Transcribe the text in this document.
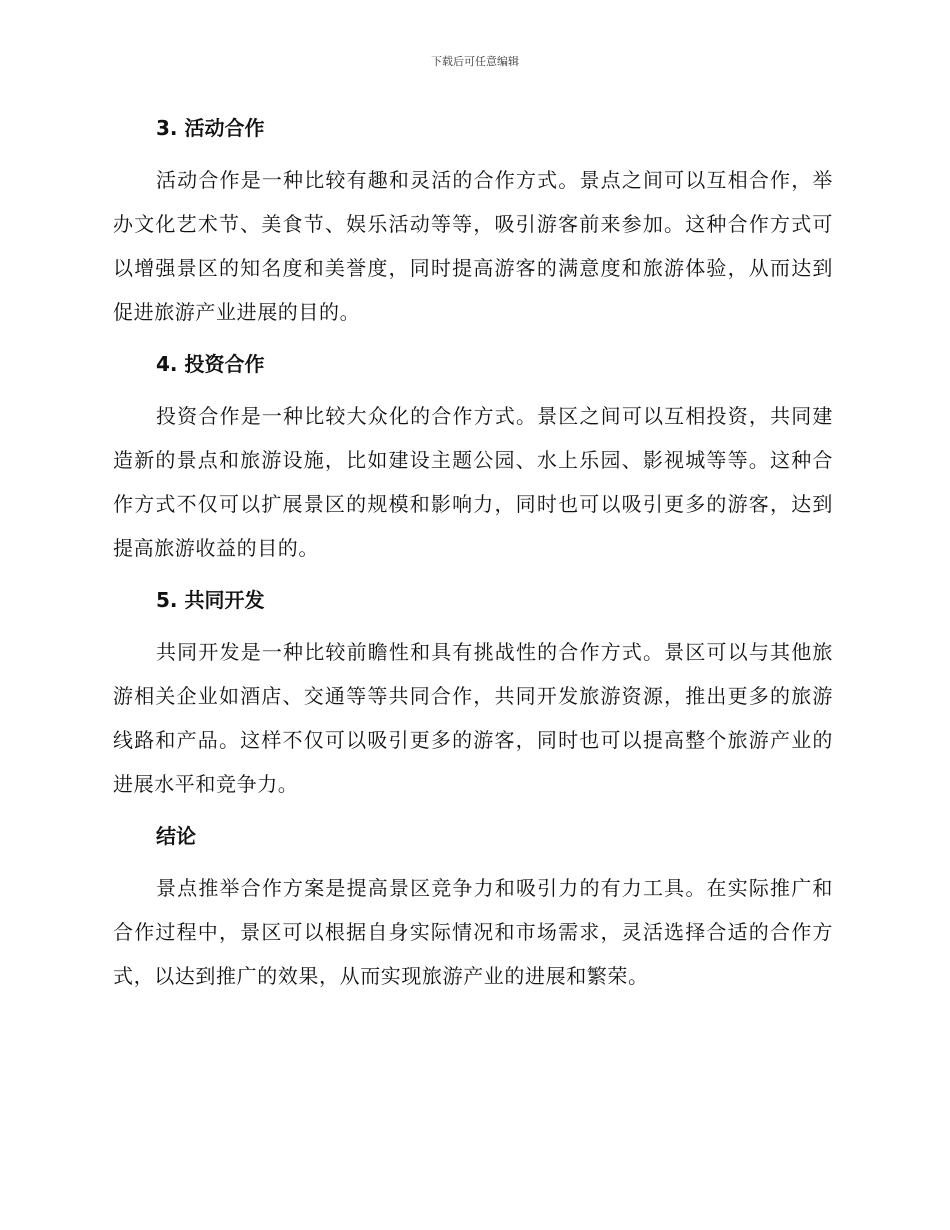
下载后可任意编辑
3. 活动合作

活动合作是一种比较有趣和灵活的合作方式。景点之间可以互相合作，举办文化艺术节、美食节、娱乐活动等等，吸引游客前来参加。这种合作方式可以增强景区的知名度和美誉度，同时提高游客的满意度和旅游体验，从而达到促进旅游产业进展的目的。

4. 投资合作

投资合作是一种比较大众化的合作方式。景区之间可以互相投资，共同建造新的景点和旅游设施，比如建设主题公园、水上乐园、影视城等等。这种合作方式不仅可以扩展景区的规模和影响力，同时也可以吸引更多的游客，达到提高旅游收益的目的。

5. 共同开发

共同开发是一种比较前瞻性和具有挑战性的合作方式。景区可以与其他旅游相关企业如酒店、交通等等共同合作，共同开发旅游资源，推出更多的旅游线路和产品。这样不仅可以吸引更多的游客，同时也可以提高整个旅游产业的进展水平和竞争力。

结论

景点推举合作方案是提高景区竞争力和吸引力的有力工具。在实际推广和合作过程中，景区可以根据自身实际情况和市场需求，灵活选择合适的合作方式，以达到推广的效果，从而实现旅游产业的进展和繁荣。
